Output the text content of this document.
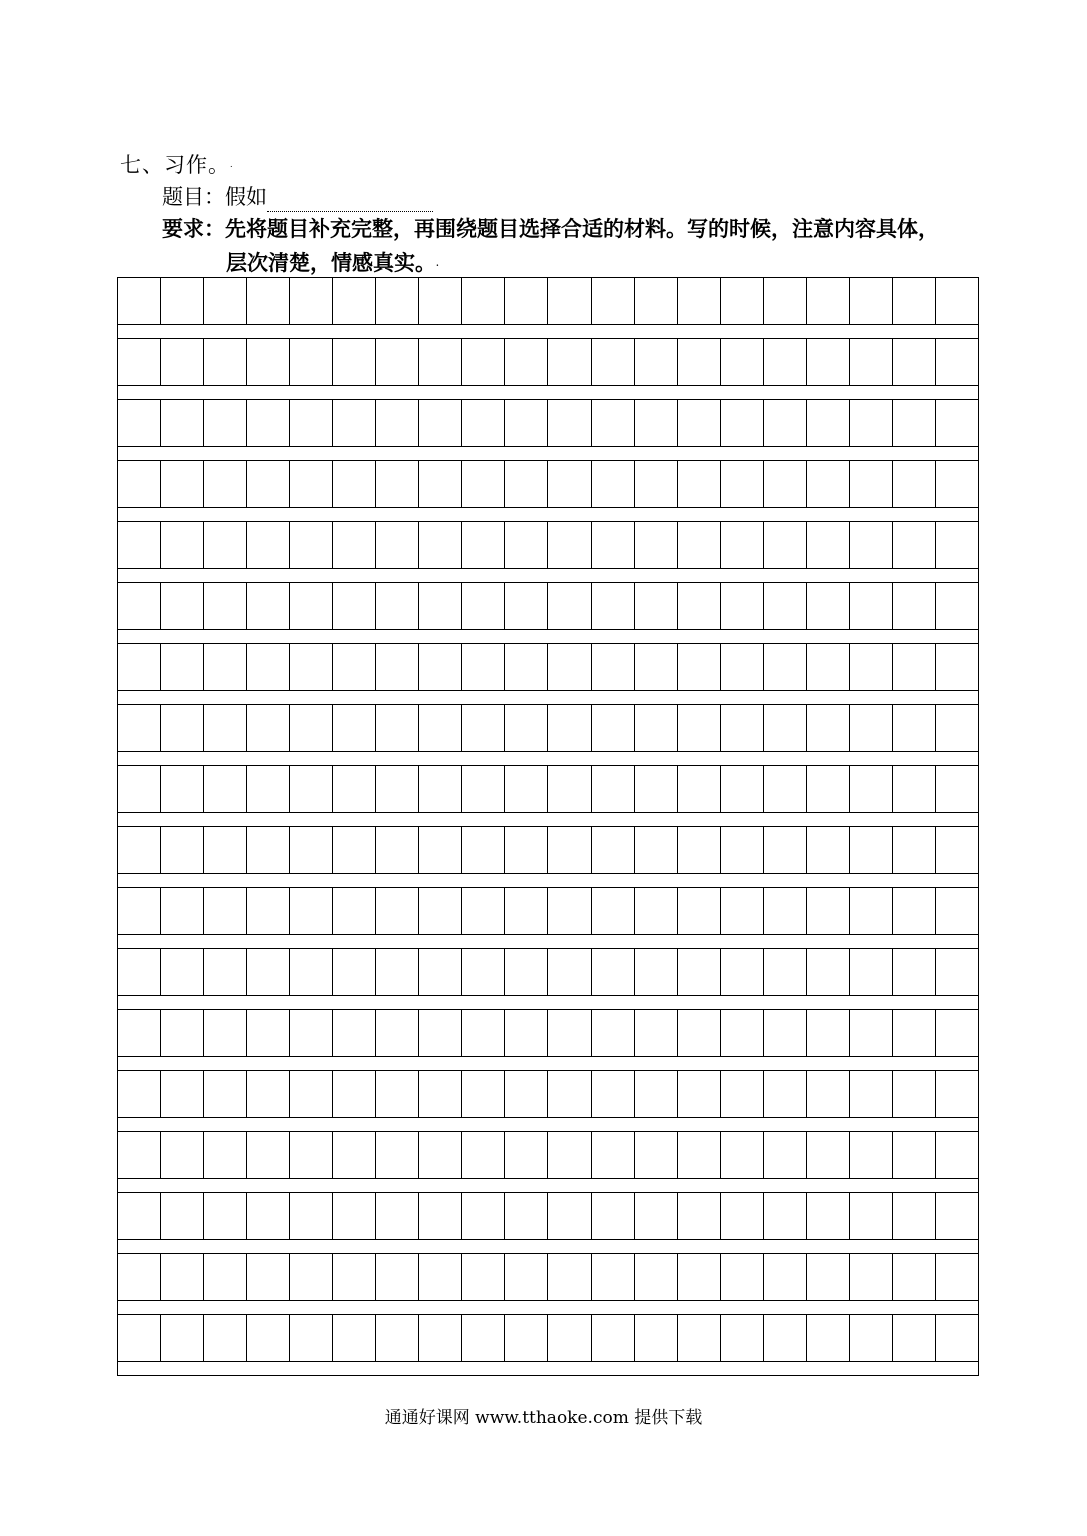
七、习作。.
题目：假如
要求：先将题目补充完整，再围绕题目选择合适的材料。写的时候，注意内容具体，
层次清楚，情感真实。.
通通好课网 www.tthaoke.com 提供下载
